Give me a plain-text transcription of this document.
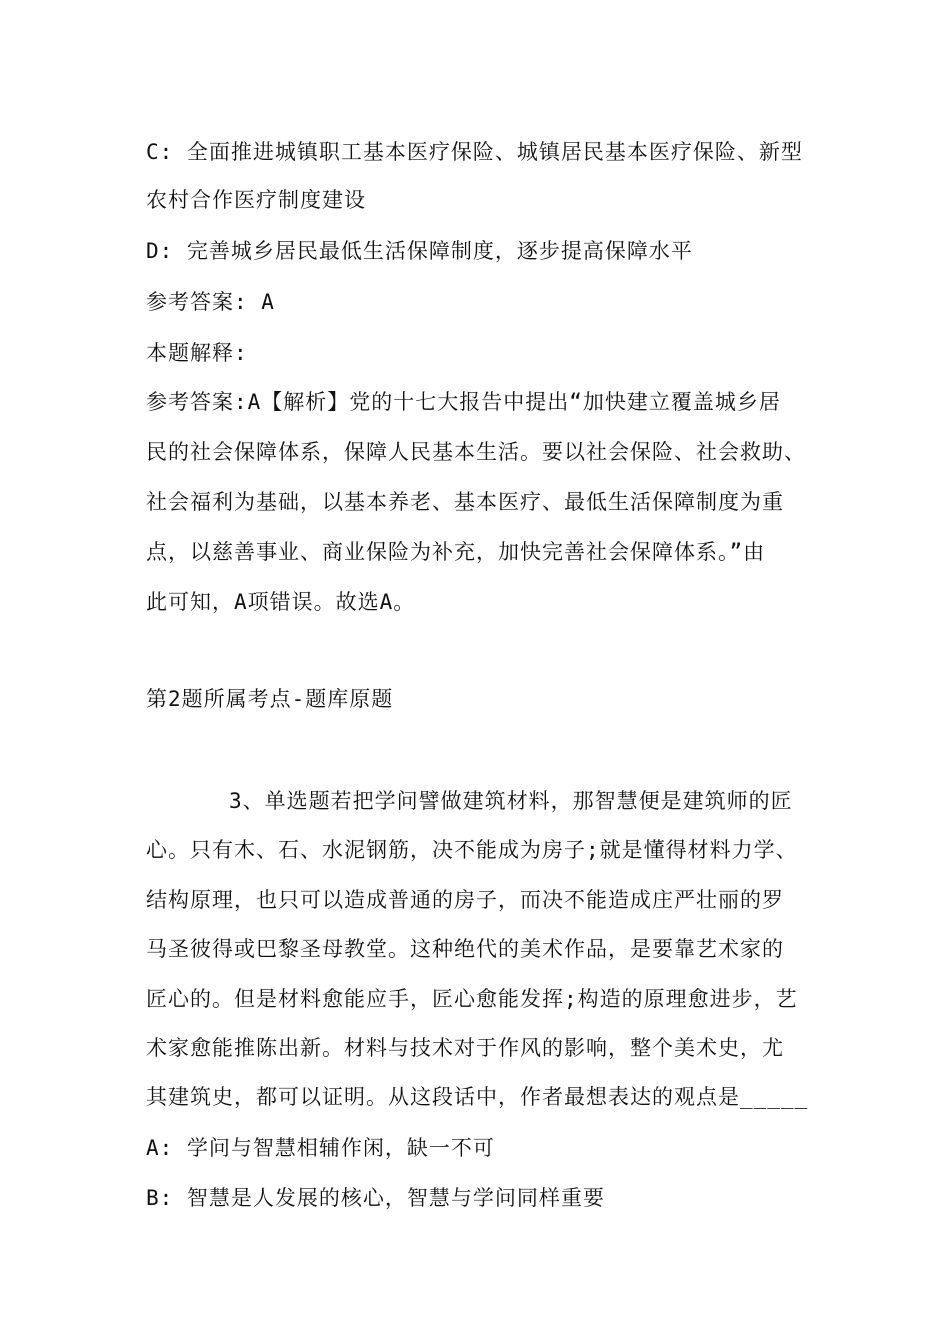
C: 全面推进城镇职工基本医疗保险、城镇居民基本医疗保险、新型
农村合作医疗制度建设
D: 完善城乡居民最低生活保障制度，逐步提高保障水平
参考答案: A
本题解释:
参考答案:A【解析】党的十七大报告中提出“加快建立覆盖城乡居
民的社会保障体系，保障人民基本生活。要以社会保险、社会救助、
社会福利为基础，以基本养老、基本医疗、最低生活保障制度为重
点，以慈善事业、商业保险为补充，加快完善社会保障体系。”由
此可知，A项错误。故选A。
第2题所属考点-题库原题
3、单选题若把学问譬做建筑材料，那智慧便是建筑师的匠
心。只有木、石、水泥钢筋，决不能成为房子;就是懂得材料力学、
结构原理，也只可以造成普通的房子，而决不能造成庄严壮丽的罗
马圣彼得或巴黎圣母教堂。这种绝代的美术作品，是要靠艺术家的
匠心的。但是材料愈能应手，匠心愈能发挥;构造的原理愈进步，艺
术家愈能推陈出新。材料与技术对于作风的影响，整个美术史，尤
其建筑史，都可以证明。从这段话中，作者最想表达的观点是_____
A: 学问与智慧相辅作闲，缺一不可
B: 智慧是人发展的核心，智慧与学问同样重要
